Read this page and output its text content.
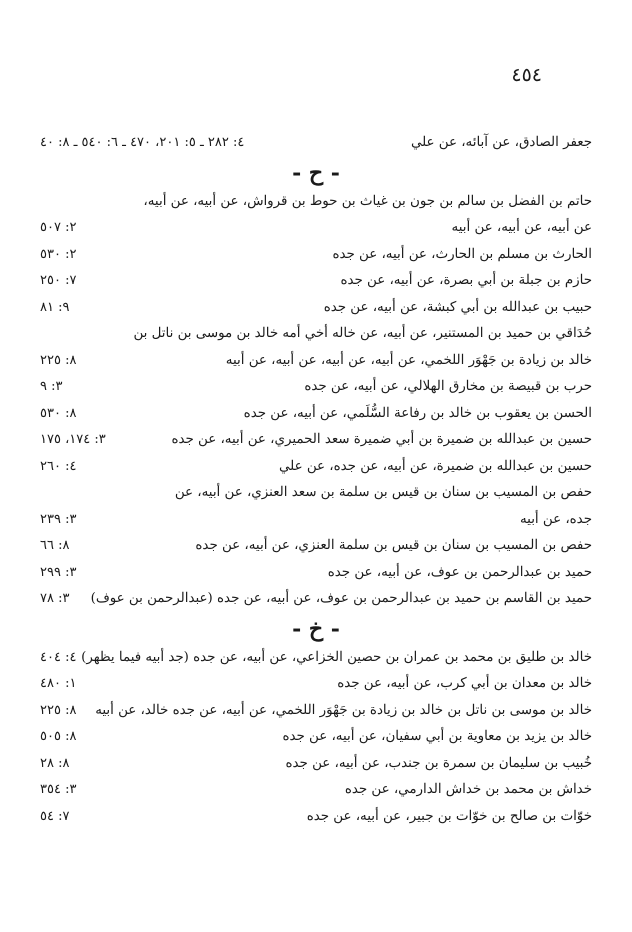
٤٥٤
جعفر الصادق، عن آبائه، عن علي
٤: ٢٨٢ ـ ٥: ٢٠١، ٤٧٠ ـ ٦: ٥٤٠ ـ ٨: ٤٠
- ح -
حاتم بن الفضل بن سالم بن جون بن غياث بن حوط بن قرواش، عن أبيه، عن أبيه،
عن أبيه، عن أبيه، عن أبيه
٢: ٥٠٧
الحارث بن مسلم بن الحارث، عن أبيه، عن جده
٢: ٥٣٠
حازم بن جبلة بن أبي بصرة، عن أبيه، عن جده
٧: ٢٥٠
حبيب بن عبدالله بن أبي كبشة، عن أبيه، عن جده
٩: ٨١
حُدَاقي بن حميد بن المستنير، عن أبيه، عن خاله أخي أمه خالد بن موسى بن ناتل بن
خالد بن زيادة بن جَهْوَر اللخمي، عن أبيه، عن أبيه، عن أبيه، عن أبيه
٨: ٢٢٥
حرب بن قبيصة بن مخارق الهلالي، عن أبيه، عن جده
٣: ٩
الحسن بن يعقوب بن خالد بن رفاعة السُّلَمي، عن أبيه، عن جده
٨: ٥٣٠
حسين بن عبدالله بن ضميرة بن أبي ضميرة سعد الحميري، عن أبيه، عن جده
٣: ١٧٤، ١٧٥
حسين بن عبدالله بن ضميرة، عن أبيه، عن جده، عن علي
٤: ٢٦٠
حفص بن المسيب بن سنان بن قيس بن سلمة بن سعد العنزي، عن أبيه، عن
جده، عن أبيه
٣: ٢٣٩
حفص بن المسيب بن سنان بن قيس بن سلمة العنزي، عن أبيه، عن جده
٨: ٦٦
حميد بن عبدالرحمن بن عوف، عن أبيه، عن جده
٣: ٢٩٩
حميد بن القاسم بن حميد بن عبدالرحمن بن عوف، عن أبيه، عن جده (عبدالرحمن بن عوف)
٣: ٧٨
- خ -
خالد بن طليق بن محمد بن عمران بن حصين الخزاعي، عن أبيه، عن جده (جد أبيه فيما يظهر)
٤: ٤٠٤
خالد بن معدان بن أبي كرب، عن أبيه، عن جده
١: ٤٨٠
خالد بن موسى بن ناتل بن خالد بن زيادة بن جَهْوَر اللخمي، عن أبيه، عن جده خالد، عن أبيه
٨: ٢٢٥
خالد بن يزيد بن معاوية بن أبي سفيان، عن أبيه، عن جده
٨: ٥٠٥
خُبيب بن سليمان بن سمرة بن جندب، عن أبيه، عن جده
٨: ٢٨
خداش بن محمد بن خداش الدارمي، عن جده
٣: ٣٥٤
خوّات بن صالح بن خوّات بن جبير، عن أبيه، عن جده
٧: ٥٤
